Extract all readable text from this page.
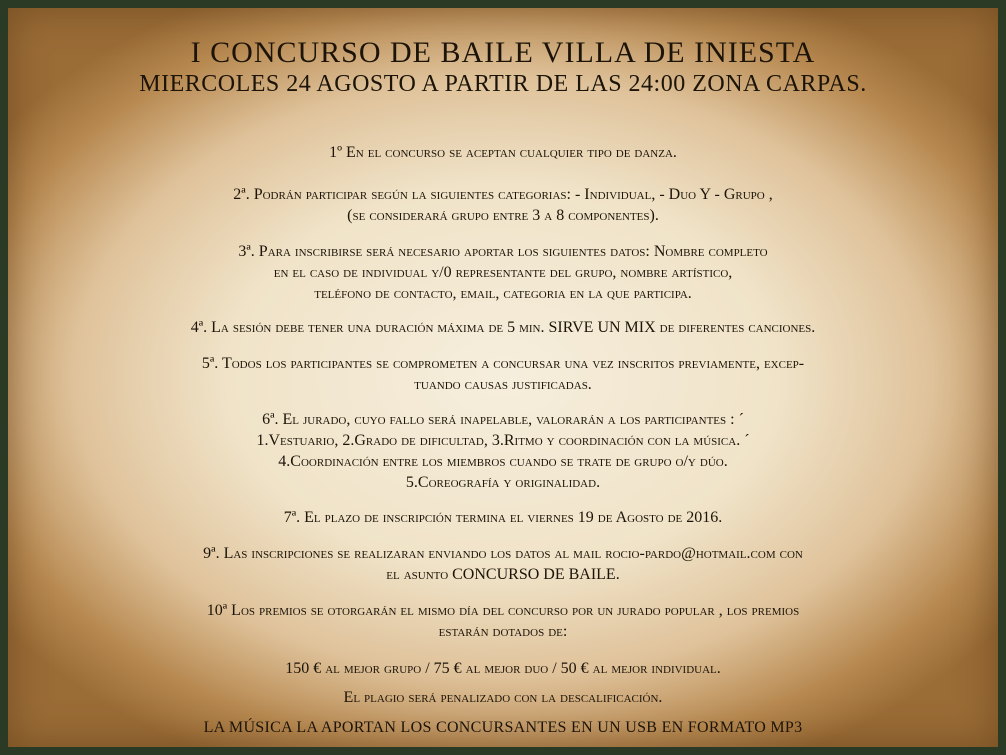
I CONCURSO DE BAILE VILLA DE INIESTA
MIERCOLES 24 AGOSTO A PARTIR DE LAS 24:00 ZONA CARPAS.
1º En el concurso se aceptan cualquier tipo de danza.
2ª. Podrán participar según la siguientes categorias: - Individual, - Duo Y - Grupo ,
(se considerará grupo entre 3 a 8 componentes).
3ª. Para inscribirse será necesario aportar los siguientes datos: Nombre completo
en el caso de individual y/0 representante del grupo, nombre artístico,
teléfono de contacto, email, categoria en la que participa.
4ª. La sesión debe tener una duración máxima de 5 min. SIRVE UN MIX de diferentes canciones.
5ª. Todos los participantes se comprometen a concursar una vez inscritos previamente, excep-
tuando causas justificadas.
6ª. El jurado, cuyo fallo será inapelable, valorarán a los participantes : ´
1.Vestuario, 2.Grado de dificultad, 3.Ritmo y coordinación con la música. ´
4.Coordinación entre los miembros cuando se trate de grupo o/y dúo.
5.Coreografía y originalidad.
7ª. El plazo de inscripción termina el viernes 19 de Agosto de 2016.
9ª. Las inscripciones se realizaran enviando los datos al mail rocio-pardo@hotmail.com con
el asunto CONCURSO DE BAILE.
10ª Los premios se otorgarán el mismo día del concurso por un jurado popular , los premios
estarán dotados de:
150 € al mejor grupo / 75 € al mejor duo / 50 € al mejor individual.
El plagio será penalizado con la descalificación.
LA MÚSICA LA APORTAN LOS CONCURSANTES EN UN USB EN FORMATO MP3
